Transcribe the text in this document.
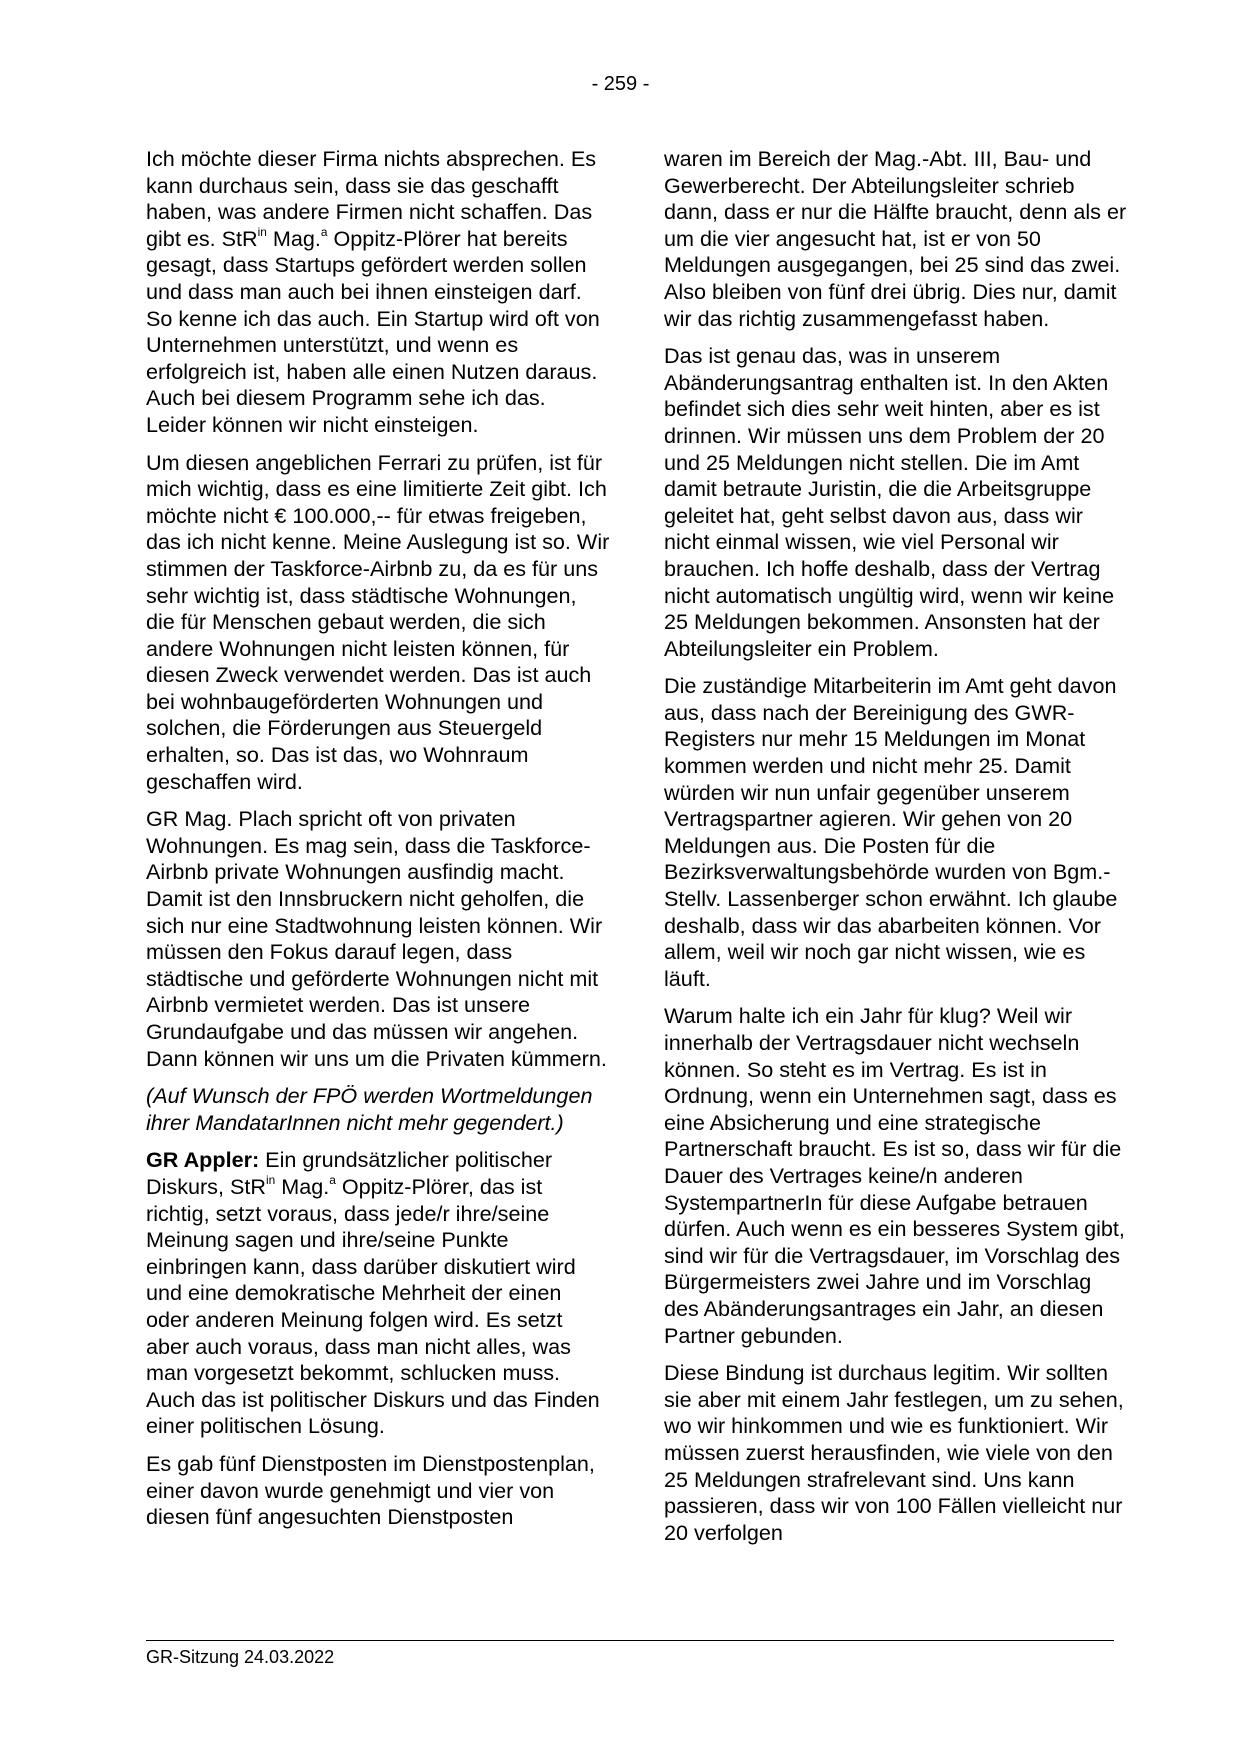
- 259 -

Ich möchte dieser Firma nichts absprechen. Es kann durchaus sein, dass sie das geschafft haben, was andere Firmen nicht schaffen. Das gibt es. StR$^{in}$ Mag.$^a$ Oppitz-Plörer hat bereits gesagt, dass Startups gefördert werden sollen und dass man auch bei ihnen einsteigen darf. So kenne ich das auch. Ein Startup wird oft von Unternehmen unterstützt, und wenn es erfolgreich ist, haben alle einen Nutzen daraus. Auch bei diesem Programm sehe ich das. Leider können wir nicht einsteigen.

Um diesen angeblichen Ferrari zu prüfen, ist für mich wichtig, dass es eine limitierte Zeit gibt. Ich möchte nicht € 100.000,-- für etwas freigeben, das ich nicht kenne. Meine Auslegung ist so. Wir stimmen der Taskforce-Airbnb zu, da es für uns sehr wichtig ist, dass städtische Wohnungen, die für Menschen gebaut werden, die sich andere Wohnungen nicht leisten können, für diesen Zweck verwendet werden. Das ist auch bei wohnbaugeförderten Wohnungen und solchen, die Förderungen aus Steuergeld erhalten, so. Das ist das, wo Wohnraum geschaffen wird.

GR Mag. Plach spricht oft von privaten Wohnungen. Es mag sein, dass die Taskforce-Airbnb private Wohnungen ausfindig macht. Damit ist den Innsbruckern nicht geholfen, die sich nur eine Stadtwohnung leisten können. Wir müssen den Fokus darauf legen, dass städtische und geförderte Wohnungen nicht mit Airbnb vermietet werden. Das ist unsere Grundaufgabe und das müssen wir angehen. Dann können wir uns um die Privaten kümmern.

(Auf Wunsch der FPÖ werden Wortmeldungen ihrer MandatarInnen nicht mehr gegendert.)

GR Appler: Ein grundsätzlicher politischer Diskurs, StR$^{in}$ Mag.$^a$ Oppitz-Plörer, das ist richtig, setzt voraus, dass jede/r ihre/seine Meinung sagen und ihre/seine Punkte einbringen kann, dass darüber diskutiert wird und eine demokratische Mehrheit der einen oder anderen Meinung folgen wird. Es setzt aber auch voraus, dass man nicht alles, was man vorgesetzt bekommt, schlucken muss. Auch das ist politischer Diskurs und das Finden einer politischen Lösung.

Es gab fünf Dienstposten im Dienstpostenplan, einer davon wurde genehmigt und vier von diesen fünf angesuchten Dienstposten

waren im Bereich der Mag.-Abt. III, Bau- und Gewerberecht. Der Abteilungsleiter schrieb dann, dass er nur die Hälfte braucht, denn als er um die vier angesucht hat, ist er von 50 Meldungen ausgegangen, bei 25 sind das zwei. Also bleiben von fünf drei übrig. Dies nur, damit wir das richtig zusammengefasst haben.

Das ist genau das, was in unserem Abänderungsantrag enthalten ist. In den Akten befindet sich dies sehr weit hinten, aber es ist drinnen. Wir müssen uns dem Problem der 20 und 25 Meldungen nicht stellen. Die im Amt damit betraute Juristin, die die Arbeitsgruppe geleitet hat, geht selbst davon aus, dass wir nicht einmal wissen, wie viel Personal wir brauchen. Ich hoffe deshalb, dass der Vertrag nicht automatisch ungültig wird, wenn wir keine 25 Meldungen bekommen. Ansonsten hat der Abteilungsleiter ein Problem.

Die zuständige Mitarbeiterin im Amt geht davon aus, dass nach der Bereinigung des GWR-Registers nur mehr 15 Meldungen im Monat kommen werden und nicht mehr 25. Damit würden wir nun unfair gegenüber unserem Vertragspartner agieren. Wir gehen von 20 Meldungen aus. Die Posten für die Bezirksverwaltungsbehörde wurden von Bgm.-Stellv. Lassenberger schon erwähnt. Ich glaube deshalb, dass wir das abarbeiten können. Vor allem, weil wir noch gar nicht wissen, wie es läuft.

Warum halte ich ein Jahr für klug? Weil wir innerhalb der Vertragsdauer nicht wechseln können. So steht es im Vertrag. Es ist in Ordnung, wenn ein Unternehmen sagt, dass es eine Absicherung und eine strategische Partnerschaft braucht. Es ist so, dass wir für die Dauer des Vertrages keine/n anderen SystempartnerIn für diese Aufgabe betrauen dürfen. Auch wenn es ein besseres System gibt, sind wir für die Vertragsdauer, im Vorschlag des Bürgermeisters zwei Jahre und im Vorschlag des Abänderungsantrages ein Jahr, an diesen Partner gebunden.

Diese Bindung ist durchaus legitim. Wir sollten sie aber mit einem Jahr festlegen, um zu sehen, wo wir hinkommen und wie es funktioniert. Wir müssen zuerst herausfinden, wie viele von den 25 Meldungen strafrelevant sind. Uns kann passieren, dass wir von 100 Fällen vielleicht nur 20 verfolgen

GR-Sitzung 24.03.2022
